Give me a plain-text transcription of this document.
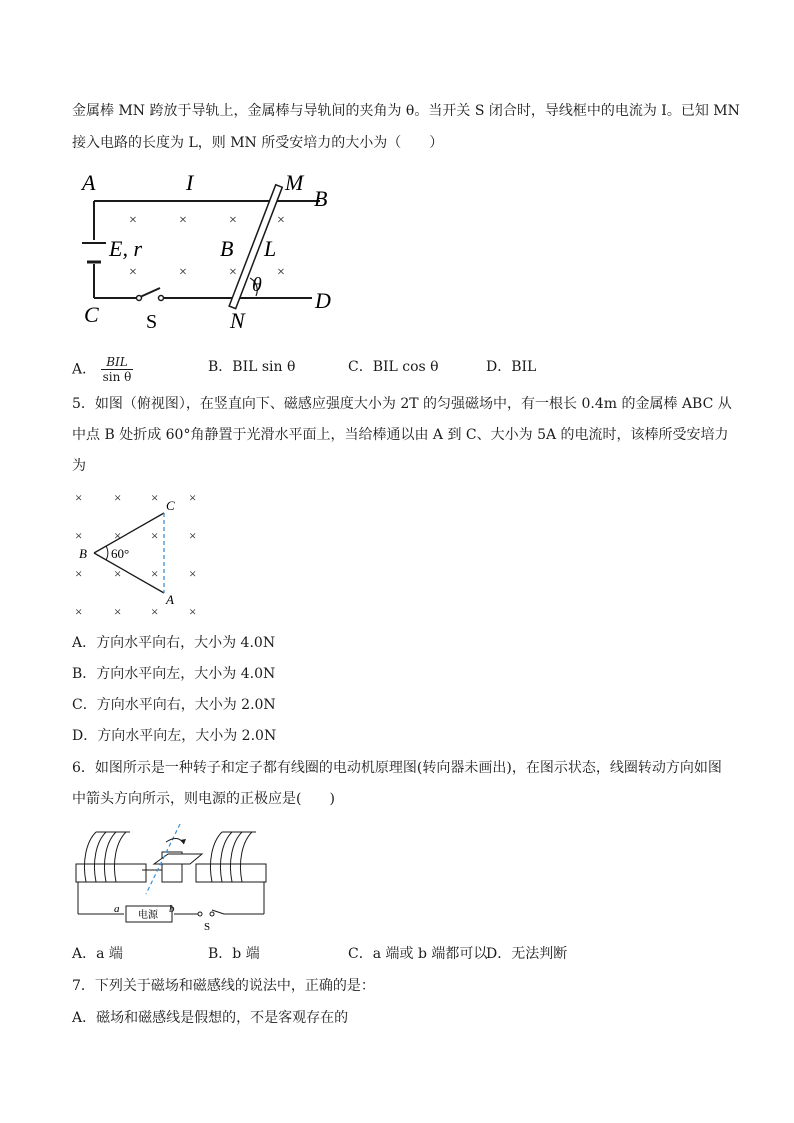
金属棒 MN 跨放于导轨上，金属棒与导轨间的夹角为 θ。当开关 S 闭合时，导线框中的电流为 I。已知 MN
接入电路的长度为 L，则 MN 所受安培力的大小为（　　）
×	×	×	×
×	×	×	×
A	I	M
B
E, r	B L
θ
C S	N
D
A． $\frac{\text{BIL}}{\text{sin θ}}$	B．BIL sin θ	C．BIL cos θ	D．BIL
5．如图（俯视图），在竖直向下、磁感应强度大小为 2T 的匀强磁场中，有一根长 0.4m 的金属棒 ABC 从
中点 B 处折成 60°角静置于光滑水平面上，当给棒通以由 A 到 C、大小为 5A 的电流时，该棒所受安培力
为
× × × ×
× × × ×
× × × ×
× × × ×
C
B
A
60°
A．方向水平向右，大小为 4.0N
B．方向水平向左，大小为 4.0N
C．方向水平向右，大小为 2.0N
D．方向水平向左，大小为 2.0N
6．如图所示是一种转子和定子都有线圈的电动机原理图(转向器未画出)，在图示状态，线圈转动方向如图
中箭头方向所示，则电源的正极应是(　　)
电源
a	b
S
A．a 端	B．b 端	C．a 端或 b 端都可以
D．无法判断
7．下列关于磁场和磁感线的说法中，正确的是：
A．磁场和磁感线是假想的，不是客观存在的
